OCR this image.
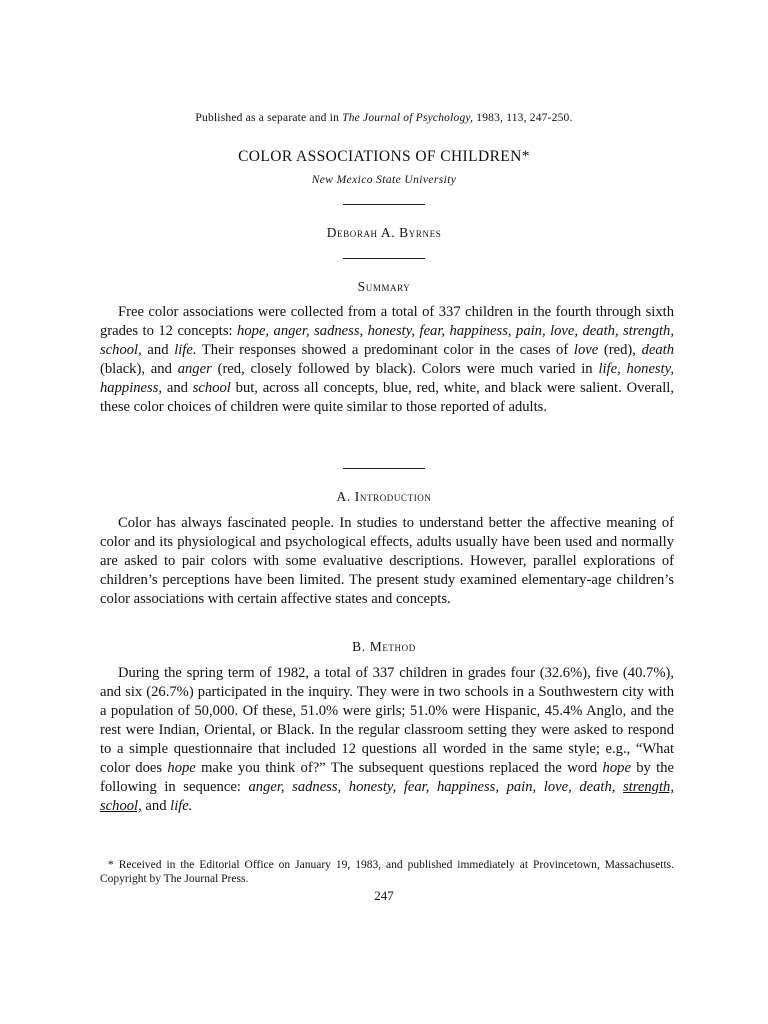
Published as a separate and in The Journal of Psychology, 1983, 113, 247-250.
COLOR ASSOCIATIONS OF CHILDREN*
New Mexico State University
Deborah A. Byrnes
Summary

Free color associations were collected from a total of 337 children in the fourth through sixth grades to 12 concepts: hope, anger, sadness, honesty, fear, happiness, pain, love, death, strength, school, and life. Their responses showed a predominant color in the cases of love (red), death (black), and anger (red, closely followed by black). Colors were much varied in life, honesty, happiness, and school but, across all concepts, blue, red, white, and black were salient. Overall, these color choices of children were quite similar to those reported of adults.

A. Introduction

Color has always fascinated people. In studies to understand better the affective meaning of color and its physiological and psychological effects, adults usually have been used and normally are asked to pair colors with some evaluative descriptions. However, parallel explorations of children’s perceptions have been limited. The present study examined elementary-age children’s color associations with certain affective states and concepts.

B. Method

During the spring term of 1982, a total of 337 children in grades four (32.6%), five (40.7%), and six (26.7%) participated in the inquiry. They were in two schools in a Southwestern city with a population of 50,000. Of these, 51.0% were girls; 51.0% were Hispanic, 45.4% Anglo, and the rest were Indian, Oriental, or Black. In the regular classroom setting they were asked to respond to a simple questionnaire that included 12 questions all worded in the same style; e.g., “What color does hope make you think of?” The subsequent questions replaced the word hope by the following in sequence: anger, sadness, honesty, fear, happiness, pain, love, death, strength, school, and life.

* Received in the Editorial Office on January 19, 1983, and published immediately at Provincetown, Massachusetts. Copyright by The Journal Press.

247
